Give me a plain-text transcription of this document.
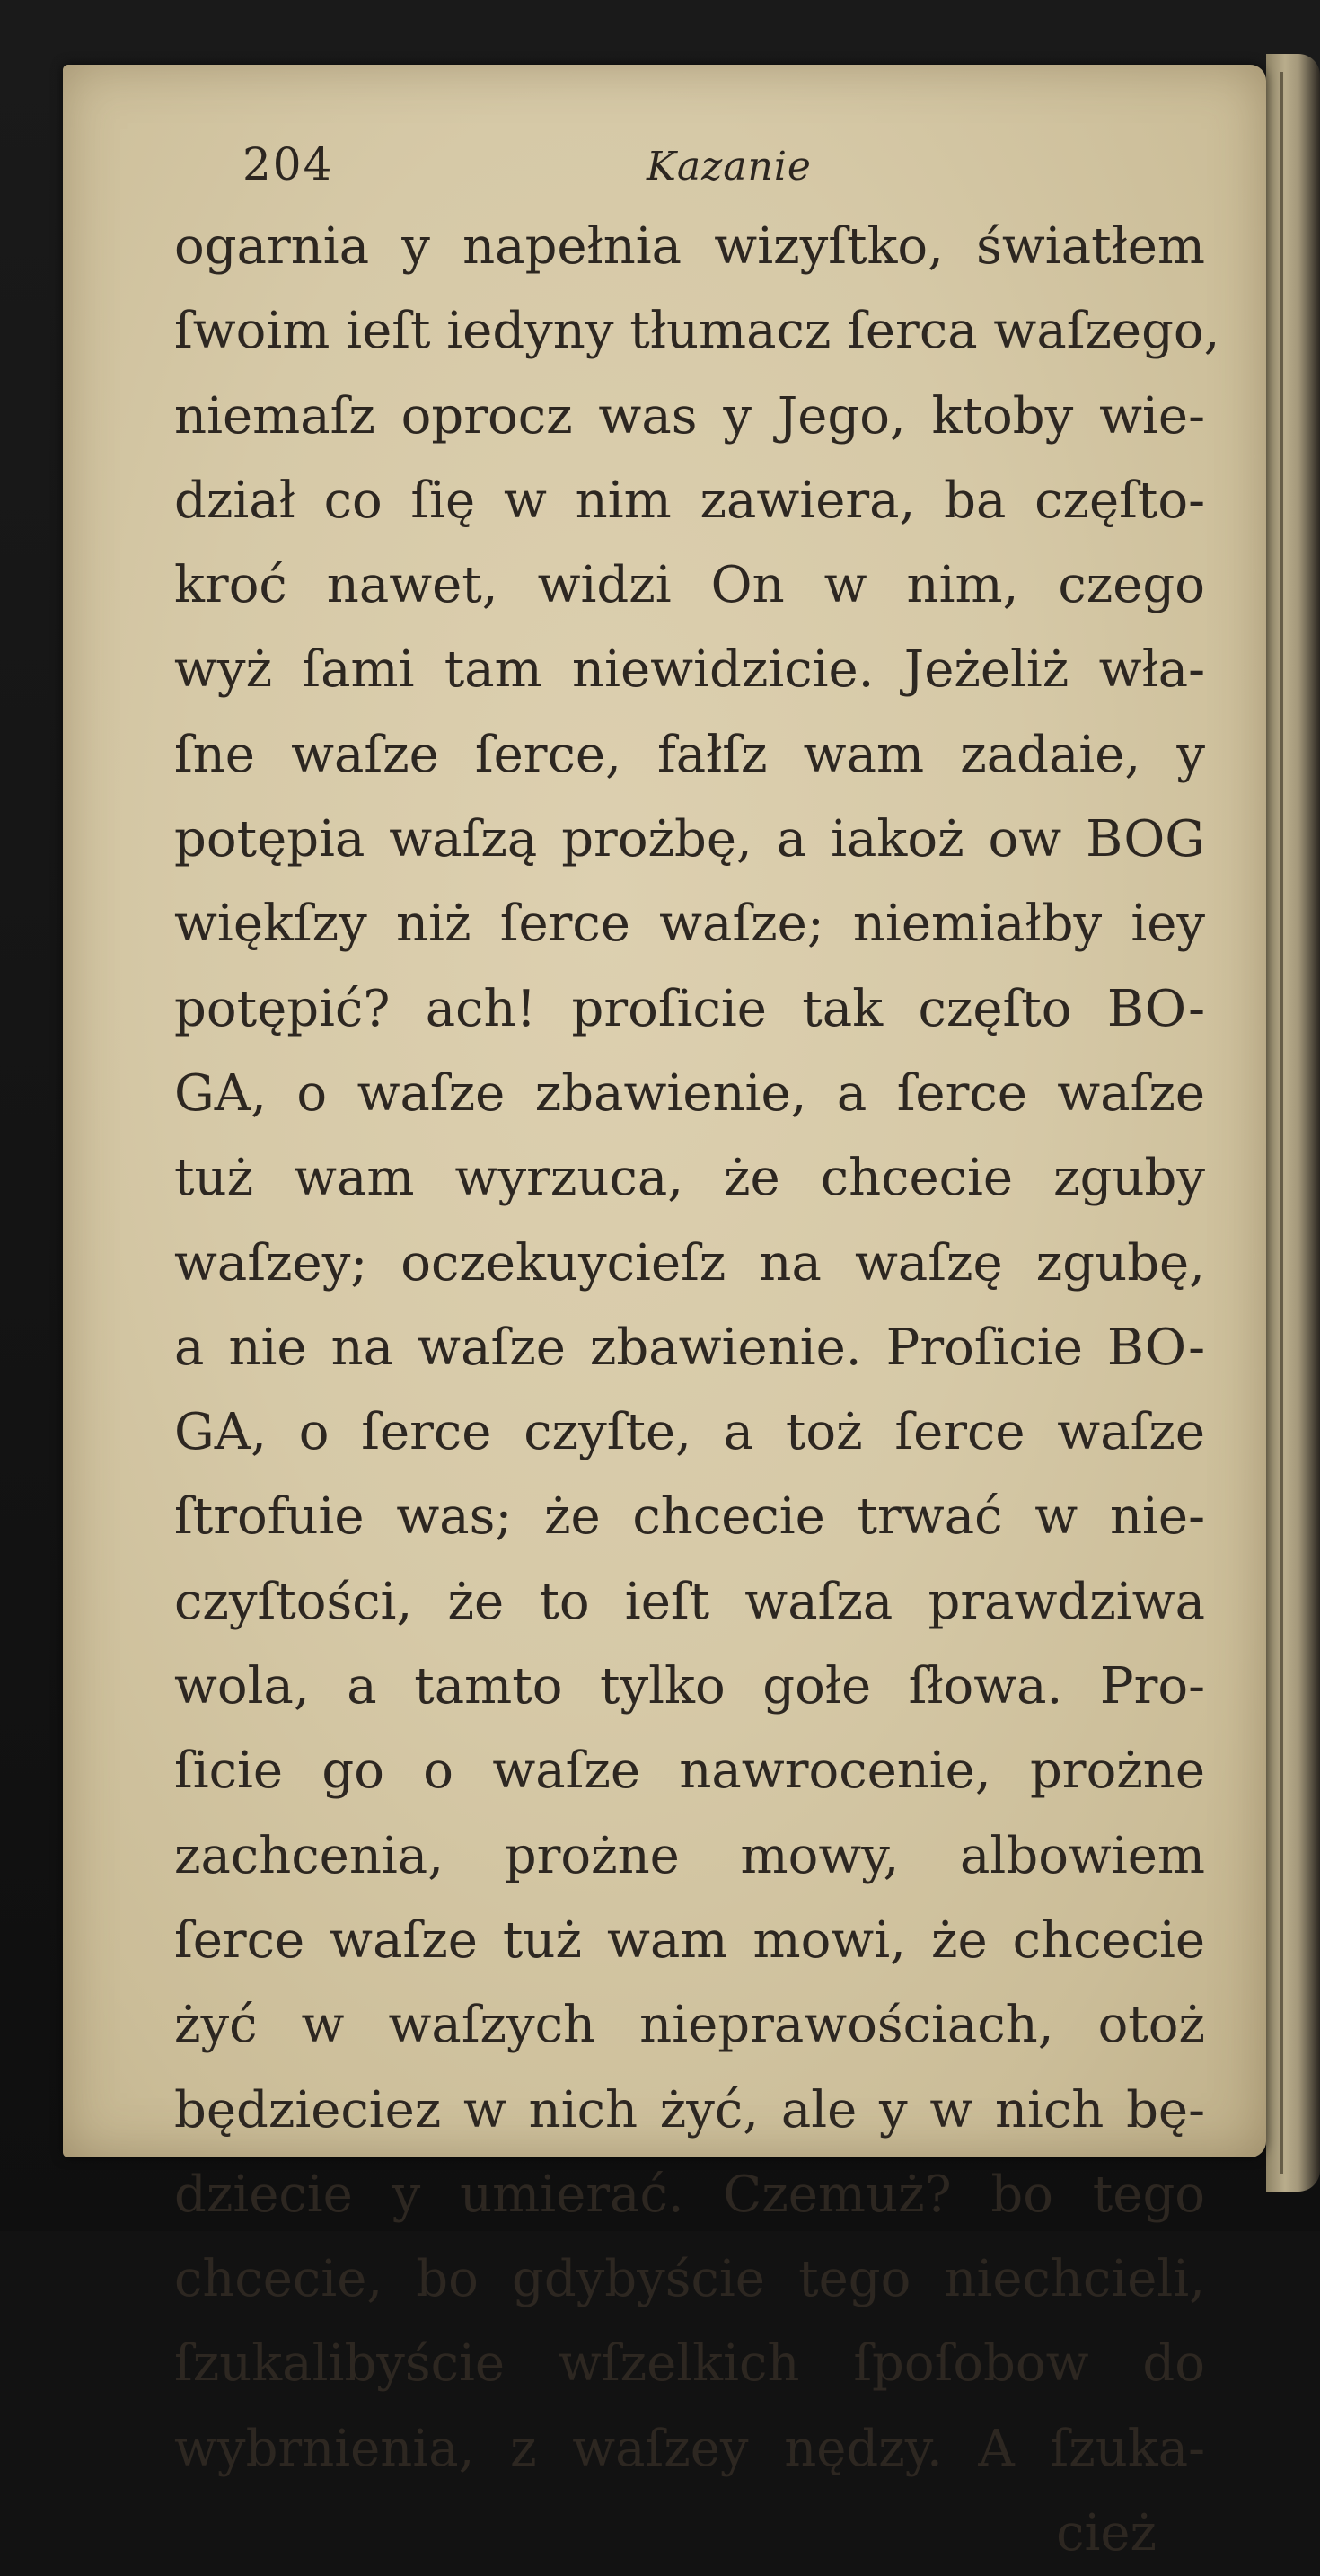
204	Kazanie
ogarnia y napełnia wizyſtko, światłem
ſwoim ieſt iedyny tłumacz ſerca waſzego,
niemaſz oprocz was y Jego, ktoby wie-
dział co ſię w nim zawiera, ba częſto-
kroć nawet, widzi On w nim, czego
wyż ſami tam niewidzicie. Jeżeliż wła-
ſne waſze ſerce, fałſz wam zadaie, y
potępia waſzą prożbę, a iakoż ow BOG
więkſzy niż ſerce waſze; niemiałby iey
potępić? ach! proſicie tak częſto BO-
GA, o waſze zbawienie, a ſerce waſze
tuż wam wyrzuca, że chcecie zguby
waſzey; oczekuycieſz na waſzę zgubę,
a nie na waſze zbawienie. Proſicie BO-
GA, o ſerce czyſte, a toż ſerce waſze
ſtrofuie was; że chcecie trwać w nie-
czyſtości, że to ieſt waſza prawdziwa
wola, a tamto tylko gołe ſłowa. Pro-
ſicie go o waſze nawrocenie, prożne
zachcenia, prożne mowy, albowiem
ſerce waſze tuż wam mowi, że chcecie
żyć w waſzych nieprawościach, otoż
będzieciez w nich żyć, ale y w nich bę-
dziecie y umierać. Czemuż? bo tego
chcecie, bo gdybyście tego niechcieli,
ſzukalibyście wſzelkich ſpoſobow do
wybrnienia, z waſzey nędzy. A ſzuka-
cież
